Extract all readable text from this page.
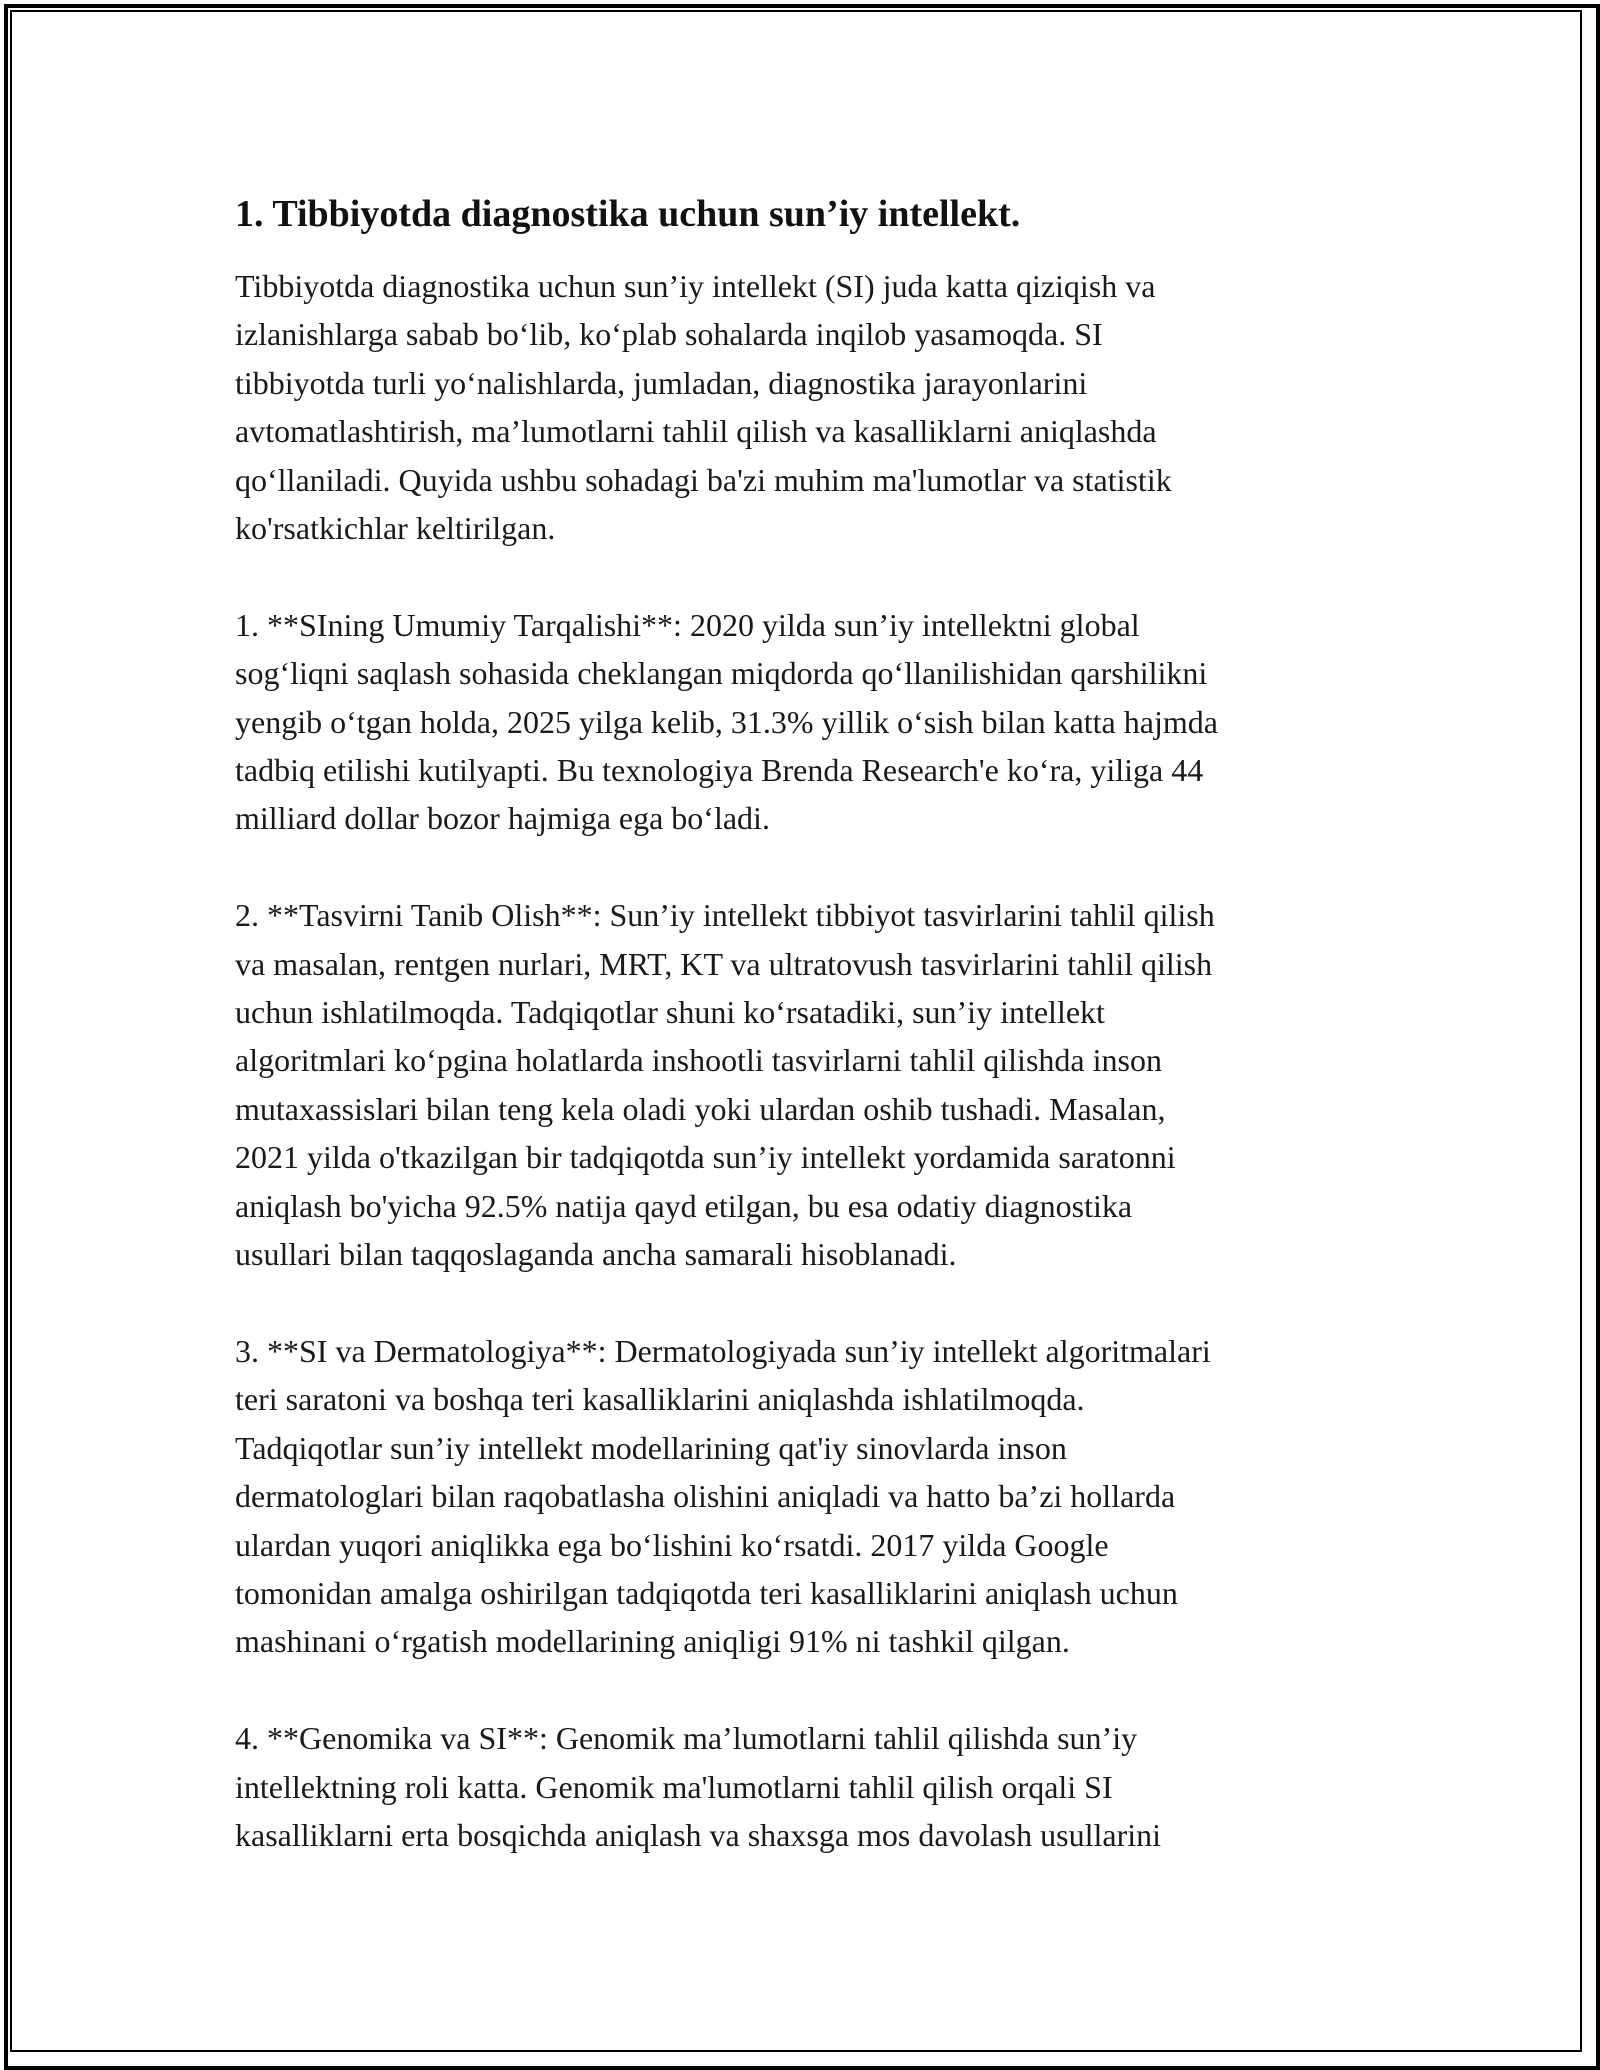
1. Tibbiyotda diagnostika uchun sun’iy intellekt.

Tibbiyotda diagnostika uchun sun’iy intellekt (SI) juda katta qiziqish va
izlanishlarga sabab bo‘lib, ko‘plab sohalarda inqilob yasamoqda. SI
tibbiyotda turli yo‘nalishlarda, jumladan, diagnostika jarayonlarini
avtomatlashtirish, ma’lumotlarni tahlil qilish va kasalliklarni aniqlashda
qo‘llaniladi. Quyida ushbu sohadagi ba'zi muhim ma'lumotlar va statistik
ko'rsatkichlar keltirilgan.

1. **SIning Umumiy Tarqalishi**: 2020 yilda sun’iy intellektni global
sog‘liqni saqlash sohasida cheklangan miqdorda qo‘llanilishidan qarshilikni
yengib o‘tgan holda, 2025 yilga kelib, 31.3% yillik o‘sish bilan katta hajmda
tadbiq etilishi kutilyapti. Bu texnologiya Brenda Research'e ko‘ra, yiliga 44
milliard dollar bozor hajmiga ega bo‘ladi.

2. **Tasvirni Tanib Olish**: Sun’iy intellekt tibbiyot tasvirlarini tahlil qilish
va masalan, rentgen nurlari, MRT, KT va ultratovush tasvirlarini tahlil qilish
uchun ishlatilmoqda. Tadqiqotlar shuni ko‘rsatadiki, sun’iy intellekt
algoritmlari ko‘pgina holatlarda inshootli tasvirlarni tahlil qilishda inson
mutaxassislari bilan teng kela oladi yoki ulardan oshib tushadi. Masalan,
2021 yilda o'tkazilgan bir tadqiqotda sun’iy intellekt yordamida saratonni
aniqlash bo'yicha 92.5% natija qayd etilgan, bu esa odatiy diagnostika
usullari bilan taqqoslaganda ancha samarali hisoblanadi.

3. **SI va Dermatologiya**: Dermatologiyada sun’iy intellekt algoritmalari
teri saratoni va boshqa teri kasalliklarini aniqlashda ishlatilmoqda.
Tadqiqotlar sun’iy intellekt modellarining qat'iy sinovlarda inson
dermatologlari bilan raqobatlasha olishini aniqladi va hatto ba’zi hollarda
ulardan yuqori aniqlikka ega bo‘lishini ko‘rsatdi. 2017 yilda Google
tomonidan amalga oshirilgan tadqiqotda teri kasalliklarini aniqlash uchun
mashinani o‘rgatish modellarining aniqligi 91% ni tashkil qilgan.

4. **Genomika va SI**: Genomik ma’lumotlarni tahlil qilishda sun’iy
intellektning roli katta. Genomik ma'lumotlarni tahlil qilish orqali SI
kasalliklarni erta bosqichda aniqlash va shaxsga mos davolash usullarini
